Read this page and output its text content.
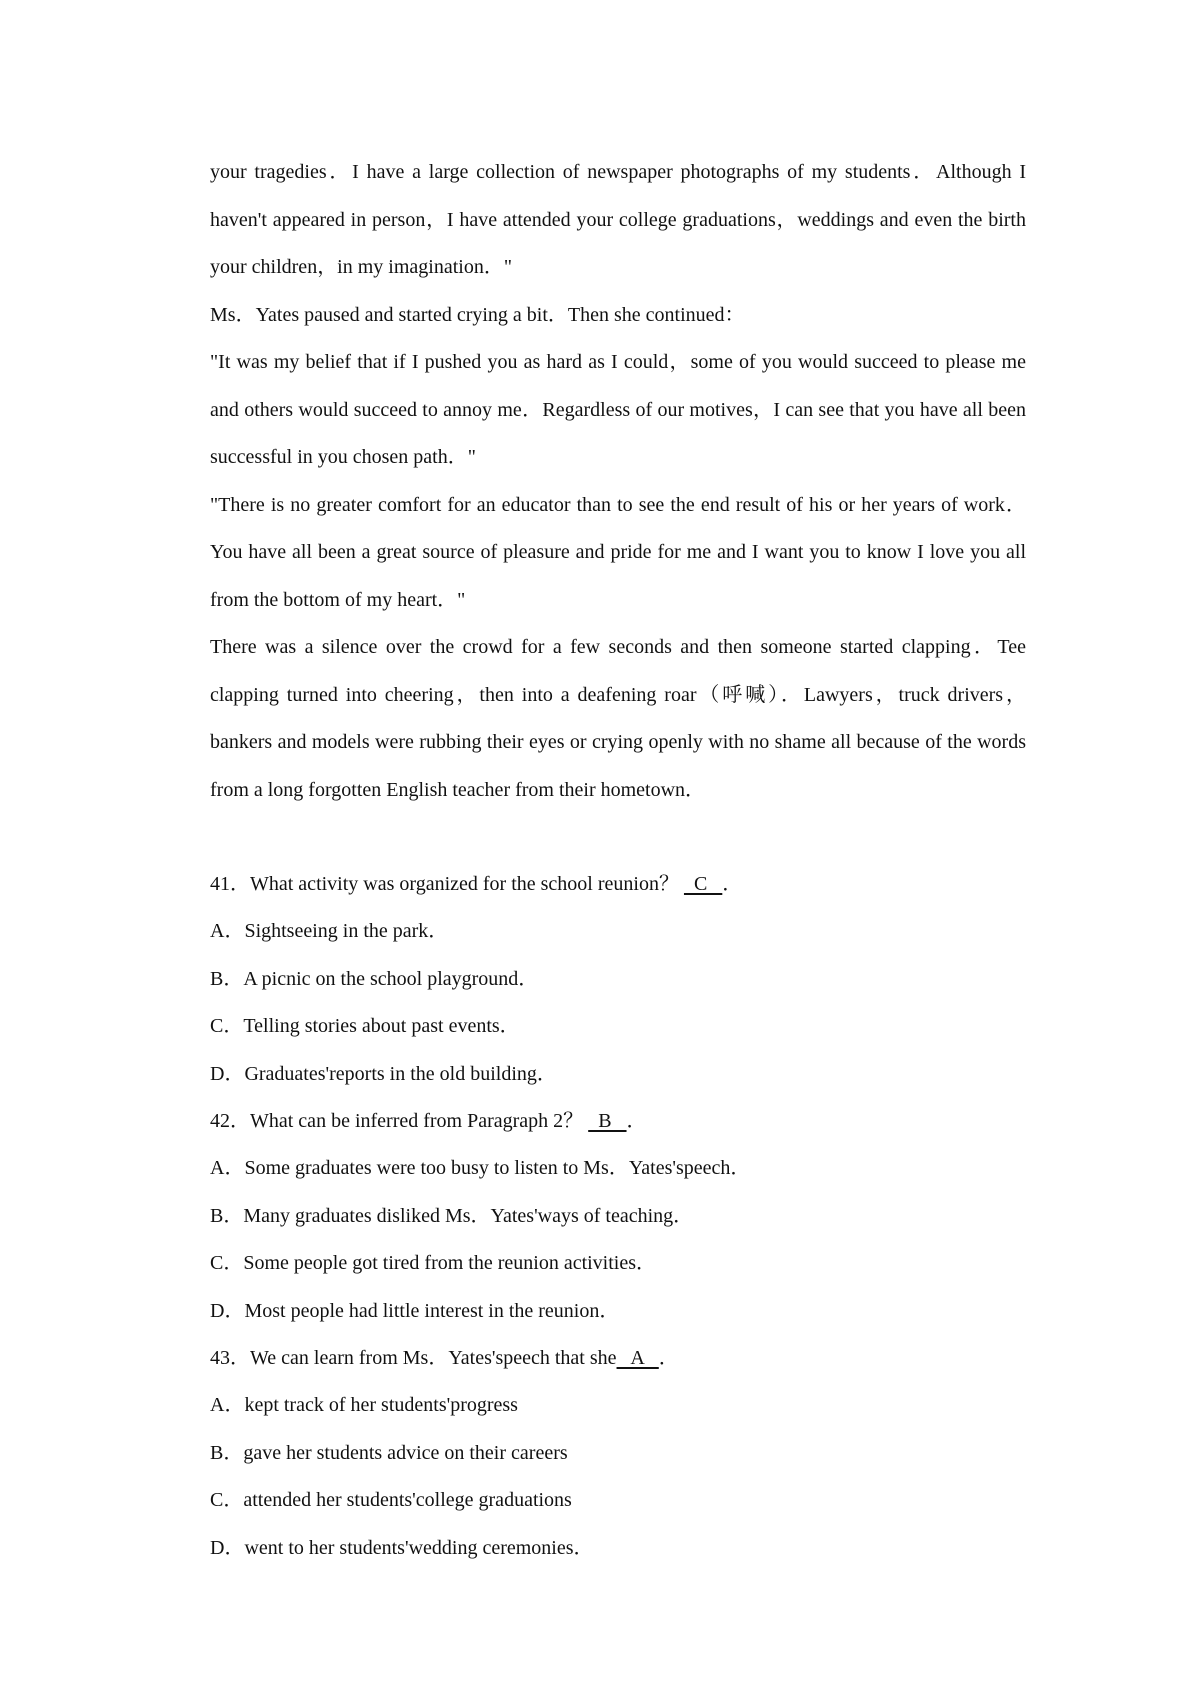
your tragedies．I have a large collection of newspaper photographs of my students．Although I haven't appeared in person，I have attended your college graduations，weddings and even the birth your children，in my imagination．"

Ms．Yates paused and started crying a bit．Then she continued：

"It was my belief that if I pushed you as hard as I could，some of you would succeed to please me and others would succeed to annoy me．Regardless of our motives，I can see that you have all been successful in you chosen path．"

"There is no greater comfort for an educator than to see the end result of his or her years of work．You have all been a great source of pleasure and pride for me and I want you to know I love you all from the bottom of my heart．"

There was a silence over the crowd for a few seconds and then someone started clapping．Tee clapping turned into cheering，then into a deafening roar（呼喊）．Lawyers，truck drivers，bankers and models were rubbing their eyes or crying openly with no shame all because of the words from a long forgotten English teacher from their hometown．

41．What activity was organized for the school reunion？   C   ．

A．Sightseeing in the park．

B．A picnic on the school playground．

C．Telling stories about past events．

D．Graduates'reports in the old building．

42．What can be inferred from Paragraph 2？   B   ．

A．Some graduates were too busy to listen to Ms．Yates'speech．

B．Many graduates disliked Ms．Yates'ways of teaching．

C．Some people got tired from the reunion activities．

D．Most people had little interest in the reunion．

43．We can learn from Ms．Yates'speech that she   A   ．

A．kept track of her students'progress

B．gave her students advice on their careers

C．attended her students'college graduations

D．went to her students'wedding ceremonies．
